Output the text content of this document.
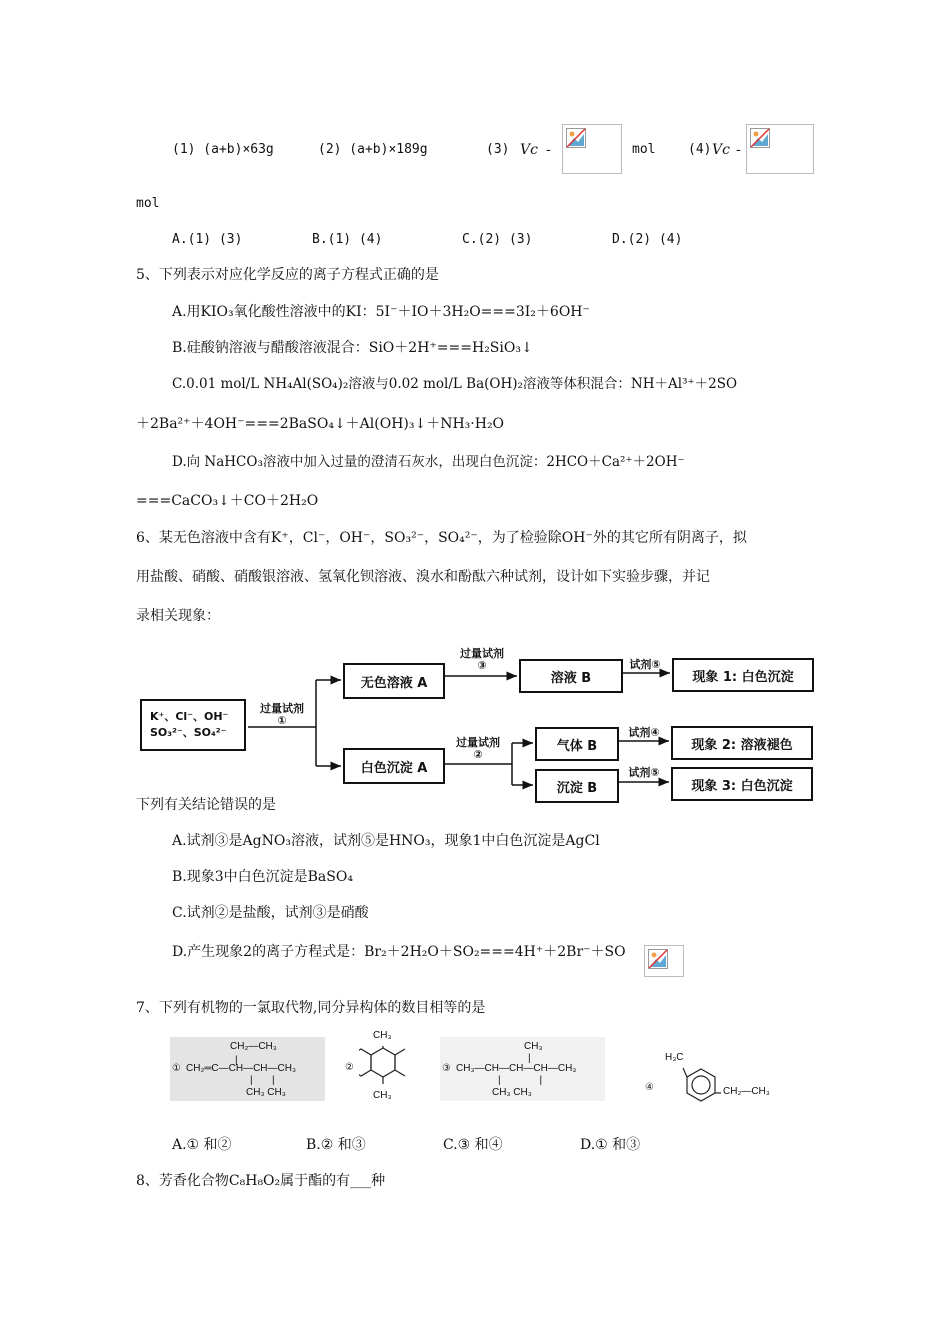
(1) (a+b)×63g	(2) (a+b)×189g	(3) Vc -	mol	(4) Vc -
mol
A.(1) (3)	B.(1) (4)	C.(2) (3)	D.(2) (4)
5、下列表示对应化学反应的离子方程式正确的是
A.用KIO₃氧化酸性溶液中的KI：5I⁻＋IO＋3H₂O===3I₂＋6OH⁻
B.硅酸钠溶液与醋酸溶液混合：SiO＋2H⁺===H₂SiO₃↓
C.0.01 mol/L NH₄Al(SO₄)₂溶液与0.02 mol/L Ba(OH)₂溶液等体积混合：NH＋Al³⁺＋2SO
＋2Ba²⁺＋4OH⁻===2BaSO₄↓＋Al(OH)₃↓＋NH₃·H₂O
D.向 NaHCO₃溶液中加入过量的澄清石灰水，出现白色沉淀：2HCO＋Ca²⁺＋2OH⁻
===CaCO₃↓＋CO＋2H₂O
6、某无色溶液中含有K⁺，Cl⁻，OH⁻，SO₃²⁻，SO₄²⁻，为了检验除OH⁻外的其它所有阴离子，拟
用盐酸、硝酸、硝酸银溶液、氢氧化钡溶液、溴水和酚酞六种试剂，设计如下实验步骤，并记
录相关现象：
K⁺、Cl⁻、OH⁻
SO₃²⁻、SO₄²⁻
过量试剂
①
无色溶液 A
白色沉淀 A
过量试剂
③
溶液 B
试剂⑤
现象 1: 白色沉淀
过量试剂
②
气体 B
沉淀 B
试剂④
试剂⑤
现象 2: 溶液褪色
现象 3: 白色沉淀
下列有关结论错误的是
A.试剂③是AgNO₃溶液，试剂⑤是HNO₃，现象1中白色沉淀是AgCl
B.现象3中白色沉淀是BaSO₄
C.试剂②是盐酸，试剂③是硝酸
D.产生现象2的离子方程式是：Br₂＋2H₂O＋SO₂===4H⁺＋2Br⁻＋SO
7、下列有机物的一氯取代物,同分异构体的数目相等的是
CH₂—CH₃
|
① CH₂═C—CH—CH—CH₃
|       |
CH₃ CH₃
②
CH₃
CH₃
CH₃
|
③ CH₃—CH—CH—CH—CH₃
|              |
CH₃ CH₃	④
H₃C
CH₂—CH₃
A.① 和②	B.② 和③	C.③ 和④	D.① 和③
8、芳香化合物C₈H₈O₂属于酯的有___种
